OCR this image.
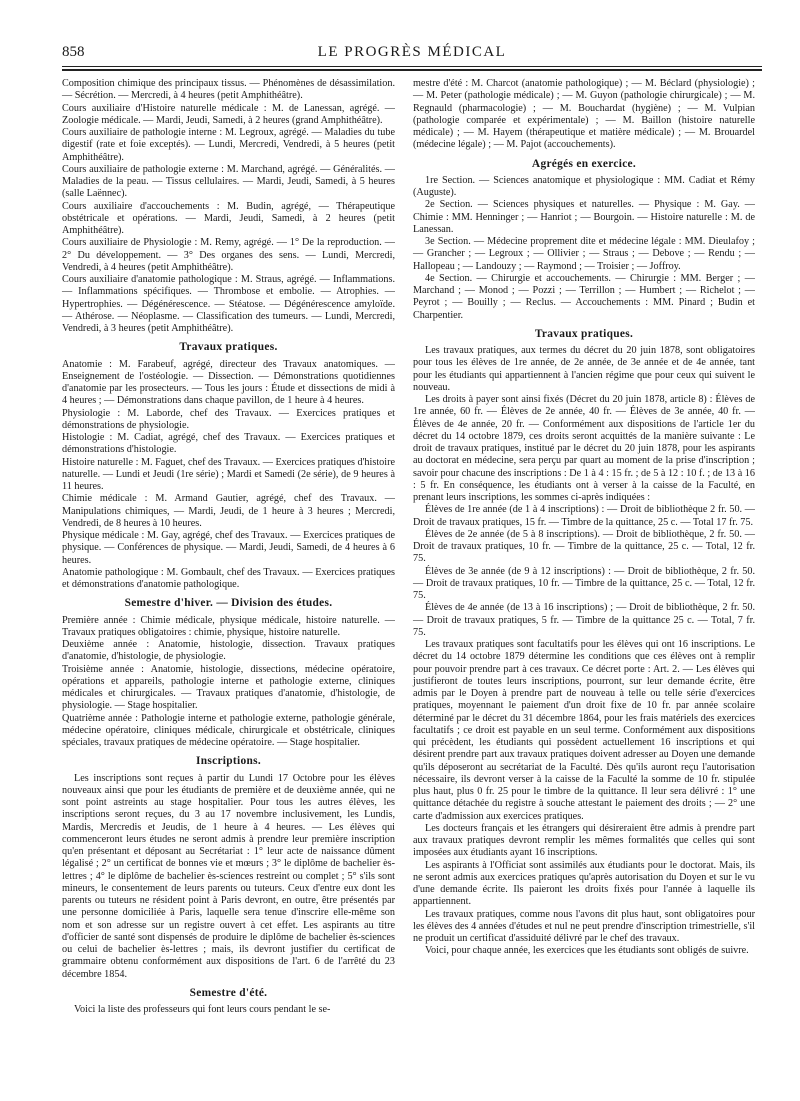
858	LE PROGRÈS MÉDICAL

Composition chimique des principaux tissus. — Phénomènes de désassimilation. — Sécrétion. — Mercredi, à 4 heures (petit Amphithéâtre).

Cours auxiliaire d'Histoire naturelle médicale : M. de Lanessan, agrégé. — Zoologie médicale. — Mardi, Jeudi, Samedi, à 2 heures (grand Amphithéâtre).

Cours auxiliaire de pathologie interne : M. Legroux, agrégé. — Maladies du tube digestif (rate et foie exceptés). — Lundi, Mercredi, Vendredi, à 5 heures (petit Amphithéâtre).

Cours auxiliaire de pathologie externe : M. Marchand, agrégé. — Généralités. — Maladies de la peau. — Tissus cellulaires. — Mardi, Jeudi, Samedi, à 5 heures (salle Laënnec).

Cours auxiliaire d'accouchements : M. Budin, agrégé, — Thérapeutique obstétricale et opérations. — Mardi, Jeudi, Samedi, à 2 heures (petit Amphithéâtre).

Cours auxiliaire de Physiologie : M. Remy, agrégé. — 1° De la reproduction. — 2° Du développement. — 3° Des organes des sens. — Lundi, Mercredi, Vendredi, à 4 heures (petit Amphithéâtre).

Cours auxiliaire d'anatomie pathologique : M. Straus, agrégé. — Inflammations. — Inflammations spécifiques. — Thrombose et embolie. — Atrophies. — Hypertrophies. — Dégénérescence. — Stéatose. — Dégénérescence amyloïde. — Athérose. — Néoplasme. — Classification des tumeurs. — Lundi, Mercredi, Vendredi, à 3 heures (petit Amphithéâtre).

Travaux pratiques.

Anatomie : M. Farabeuf, agrégé, directeur des Travaux anatomiques. — Enseignement de l'ostéologie. — Dissection. — Démonstrations quotidiennes d'anatomie par les prosecteurs. — Tous les jours : Étude et dissections de midi à 4 heures ; — Démonstrations dans chaque pavillon, de 1 heure à 4 heures.

Physiologie : M. Laborde, chef des Travaux. — Exercices pratiques et démonstrations de physiologie.

Histologie : M. Cadiat, agrégé, chef des Travaux. — Exercices pratiques et démonstrations d'histologie.

Histoire naturelle : M. Faguet, chef des Travaux. — Exercices pratiques d'histoire naturelle. — Lundi et Jeudi (1re série) ; Mardi et Samedi (2e série), de 9 heures à 11 heures.

Chimie médicale : M. Armand Gautier, agrégé, chef des Travaux. — Manipulations chimiques, — Mardi, Jeudi, de 1 heure à 3 heures ; Mercredi, Vendredi, de 8 heures à 10 heures.

Physique médicale : M. Gay, agrégé, chef des Travaux. — Exercices pratiques de physique. — Conférences de physique. — Mardi, Jeudi, Samedi, de 4 heures à 6 heures.

Anatomie pathologique : M. Gombault, chef des Travaux. — Exercices pratiques et démonstrations d'anatomie pathologique.

Semestre d'hiver. — Division des études.

Première année : Chimie médicale, physique médicale, histoire naturelle. — Travaux pratiques obligatoires : chimie, physique, histoire naturelle.

Deuxième année : Anatomie, histologie, dissection. Travaux pratiques d'anatomie, d'histologie, de physiologie.

Troisième année : Anatomie, histologie, dissections, médecine opératoire, opérations et appareils, pathologie interne et pathologie externe, cliniques médicales et chirurgicales. — Travaux pratiques d'anatomie, d'histologie, de physiologie. — Stage hospitalier.

Quatrième année : Pathologie interne et pathologie externe, pathologie générale, médecine opératoire, cliniques médicale, chirurgicale et obstétricale, cliniques spéciales, travaux pratiques de médecine opératoire. — Stage hospitalier.

Inscriptions.

Les inscriptions sont reçues à partir du Lundi 17 Octobre pour les élèves nouveaux ainsi que pour les étudiants de première et de deuxième année, qui ne sont point astreints au stage hospitalier. Pour tous les autres élèves, les inscriptions seront reçues, du 3 au 17 novembre inclusivement, les Lundis, Mardis, Mercredis et Jeudis, de 1 heure à 4 heures. — Les élèves qui commenceront leurs études ne seront admis à prendre leur première inscription qu'en présentant et déposant au Secrétariat : 1° leur acte de naissance dûment légalisé ; 2° un certificat de bonnes vie et mœurs ; 3° le diplôme de bachelier ès-lettres ; 4° le diplôme de bachelier ès-sciences restreint ou complet ; 5° s'ils sont mineurs, le consentement de leurs parents ou tuteurs. Ceux d'entre eux dont les parents ou tuteurs ne résident point à Paris devront, en outre, être présentés par une personne domiciliée à Paris, laquelle sera tenue d'inscrire elle-même son nom et son adresse sur un registre ouvert à cet effet. Les aspirants au titre d'officier de santé sont dispensés de produire le diplôme de bachelier ès-sciences ou celui de bachelier ès-lettres ; mais, ils devront justifier du certificat de grammaire obtenu conformément aux dispositions de l'art. 6 de l'arrêté du 23 décembre 1854.

Semestre d'été.

Voici la liste des professeurs qui font leurs cours pendant le se-

mestre d'été : M. Charcot (anatomie pathologique) ; — M. Béclard (physiologie) ; — M. Peter (pathologie médicale) ; — M. Guyon (pathologie chirurgicale) ; — M. Regnauld (pharmacologie) ; — M. Bouchardat (hygiène) ; — M. Vulpian (pathologie comparée et expérimentale) ; — M. Baillon (histoire naturelle médicale) ; — M. Hayem (thérapeutique et matière médicale) ; — M. Brouardel (médecine légale) ; — M. Pajot (accouchements).

Agrégés en exercice.

1re Section. — Sciences anatomique et physiologique : MM. Cadiat et Rémy (Auguste).

2e Section. — Sciences physiques et naturelles. — Physique : M. Gay. — Chimie : MM. Henninger ; — Hanriot ; — Bourgoin. — Histoire naturelle : M. de Lanessan.

3e Section. — Médecine proprement dite et médecine légale : MM. Dieulafoy ; — Grancher ; — Legroux ; — Ollivier ; — Straus ; — Debove ; — Rendu ; — Hallopeau ; — Landouzy ; — Raymond ; — Troisier ; — Joffroy.

4e Section. — Chirurgie et accouchements. — Chirurgie : MM. Berger ; — Marchand ; — Monod ; — Pozzi ; — Terrillon ; — Humbert ; — Richelot ; — Peyrot ; — Bouilly ; — Reclus. — Accouchements : MM. Pinard ; Budin et Charpentier.

Travaux pratiques.

Les travaux pratiques, aux termes du décret du 20 juin 1878, sont obligatoires pour tous les élèves de 1re année, de 2e année, de 3e année et de 4e année, tant pour les étudiants qui appartiennent à l'ancien régime que pour ceux qui suivent le nouveau.

Les droits à payer sont ainsi fixés (Décret du 20 juin 1878, article 8) : Élèves de 1re année, 60 fr. — Élèves de 2e année, 40 fr. — Élèves de 3e année, 40 fr. — Élèves de 4e année, 20 fr. — Conformément aux dispositions de l'article 1er du décret du 14 octobre 1879, ces droits seront acquittés de la manière suivante : Le droit de travaux pratiques, institué par le décret du 20 juin 1878, pour les aspirants au doctorat en médecine, sera perçu par quart au moment de la prise d'inscription ; savoir pour chacune des inscriptions : De 1 à 4 : 15 fr. ; de 5 à 12 : 10 f. ; de 13 à 16 : 5 fr. En conséquence, les étudiants ont à verser à la caisse de la Faculté, en prenant leurs inscriptions, les sommes ci-après indiquées :

Élèves de 1re année (de 1 à 4 inscriptions) : — Droit de bibliothèque 2 fr. 50. — Droit de travaux pratiques, 15 fr. — Timbre de la quittance, 25 c. — Total 17 fr. 75.

Élèves de 2e année (de 5 à 8 inscriptions). — Droit de bibliothèque, 2 fr. 50. — Droit de travaux pratiques, 10 fr. — Timbre de la quittance, 25 c. — Total, 12 fr. 75.

Élèves de 3e année (de 9 à 12 inscriptions) : — Droit de bibliothèque, 2 fr. 50. — Droit de travaux pratiques, 10 fr. — Timbre de la quittance, 25 c. — Total, 12 fr. 75.

Élèves de 4e année (de 13 à 16 inscriptions) ; — Droit de bibliothèque, 2 fr. 50. — Droit de travaux pratiques, 5 fr. — Timbre de la quittance 25 c. — Total, 7 fr. 75.

Les travaux pratiques sont facultatifs pour les élèves qui ont 16 inscriptions. Le décret du 14 octobre 1879 détermine les conditions que ces élèves ont à remplir pour pouvoir prendre part à ces travaux. Ce décret porte : Art. 2. — Les élèves qui justifieront de toutes leurs inscriptions, pourront, sur leur demande écrite, être admis par le Doyen à prendre part de nouveau à telle ou telle série d'exercices pratiques, moyennant le paiement d'un droit fixe de 10 fr. par année scolaire déterminé par le décret du 31 décembre 1864, pour les frais matériels des exercices facultatifs ; ce droit est payable en un seul terme. Conformément aux dispositions qui précèdent, les étudiants qui possèdent actuellement 16 inscriptions et qui désirent prendre part aux travaux pratiques doivent adresser au Doyen une demande qu'ils déposeront au secrétariat de la Faculté. Dès qu'ils auront reçu l'autorisation nécessaire, ils devront verser à la caisse de la Faculté la somme de 10 fr. stipulée plus haut, plus 0 fr. 25 pour le timbre de la quittance. Il leur sera délivré : 1° une quittance détachée du registre à souche attestant le paiement des droits ; — 2° une carte d'admission aux exercices pratiques.

Les docteurs français et les étrangers qui désireraient être admis à prendre part aux travaux pratiques devront remplir les mêmes formalités que celles qui sont imposées aux étudiants ayant 16 inscriptions.

Les aspirants à l'Officiat sont assimilés aux étudiants pour le doctorat. Mais, ils ne seront admis aux exercices pratiques qu'après autorisation du Doyen et sur le vu d'une demande écrite. Ils paieront les droits fixés pour l'année à laquelle ils appartiennent.

Les travaux pratiques, comme nous l'avons dit plus haut, sont obligatoires pour les élèves des 4 années d'études et nul ne peut prendre d'inscription trimestrielle, s'il ne produit un certificat d'assiduité délivré par le chef des travaux.

Voici, pour chaque année, les exercices que les étudiants sont obligés de suivre.
